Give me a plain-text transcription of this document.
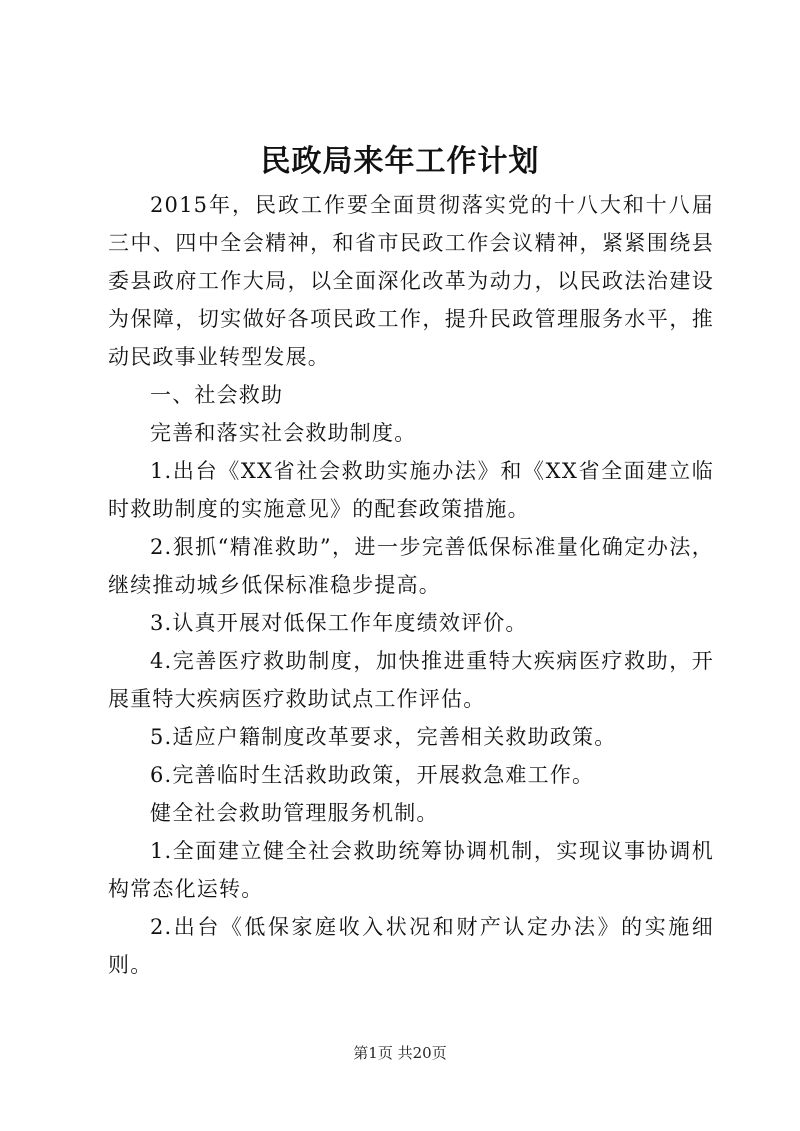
民政局来年工作计划

2015年，民政工作要全面贯彻落实党的十八大和十八届三中、四中全会精神，和省市民政工作会议精神，紧紧围绕县委县政府工作大局，以全面深化改革为动力，以民政法治建设为保障，切实做好各项民政工作，提升民政管理服务水平，推动民政事业转型发展。

一、社会救助

完善和落实社会救助制度。

1.出台《XX省社会救助实施办法》和《XX省全面建立临时救助制度的实施意见》的配套政策措施。

2.狠抓“精准救助”，进一步完善低保标准量化确定办法，继续推动城乡低保标准稳步提高。

3.认真开展对低保工作年度绩效评价。

4.完善医疗救助制度，加快推进重特大疾病医疗救助，开展重特大疾病医疗救助试点工作评估。

5.适应户籍制度改革要求，完善相关救助政策。

6.完善临时生活救助政策，开展救急难工作。

健全社会救助管理服务机制。

1.全面建立健全社会救助统筹协调机制，实现议事协调机构常态化运转。

2.出台《低保家庭收入状况和财产认定办法》的实施细则。

第1页 共20页
